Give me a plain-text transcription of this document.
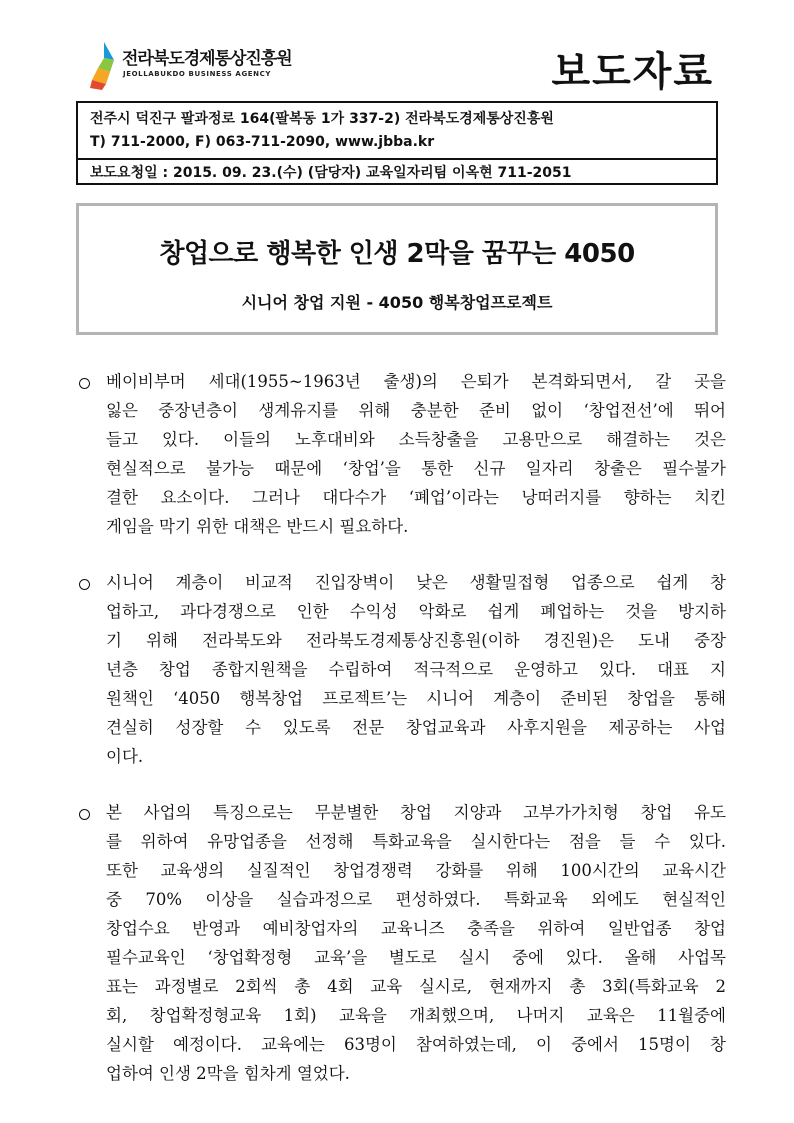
전라북도경제통상진흥원
JEOLLABUKDO BUSINESS AGENCY	보도자료
전주시 덕진구 팔과정로 164(팔복동 1가 337-2) 전라북도경제통상진흥원
T) 711-2000, F) 063-711-2090, www.jbba.kr
보도요청일 : 2015. 09. 23.(수) (담당자) 교육일자리팀 이옥현 711-2051
창업으로 행복한 인생 2막을 꿈꾸는 4050
시니어 창업 지원 - 4050 행복창업프로젝트
베이비부머 세대(1955~1963년 출생)의 은퇴가 본격화되면서, 갈 곳을
잃은 중장년층이 생계유지를 위해 충분한 준비 없이 ‘창업전선’에 뛰어
들고 있다. 이들의 노후대비와 소득창출을 고용만으로 해결하는 것은
현실적으로 불가능 때문에 ‘창업’을 통한 신규 일자리 창출은 필수불가
결한 요소이다. 그러나 대다수가 ‘폐업’이라는 낭떠러지를 향하는 치킨
게임을 막기 위한 대책은 반드시 필요하다.
시니어 계층이 비교적 진입장벽이 낮은 생활밀접형 업종으로 쉽게 창
업하고, 과다경쟁으로 인한 수익성 악화로 쉽게 폐업하는 것을 방지하
기 위해 전라북도와 전라북도경제통상진흥원(이하 경진원)은 도내 중장
년층 창업 종합지원책을 수립하여 적극적으로 운영하고 있다. 대표 지
원책인 ‘4050 행복창업 프로젝트’는 시니어 계층이 준비된 창업을 통해
견실히 성장할 수 있도록 전문 창업교육과 사후지원을 제공하는 사업
이다.
본 사업의 특징으로는 무분별한 창업 지양과 고부가가치형 창업 유도
를 위하여 유망업종을 선정해 특화교육을 실시한다는 점을 들 수 있다.
또한 교육생의 실질적인 창업경쟁력 강화를 위해 100시간의 교육시간
중 70% 이상을 실습과정으로 편성하였다. 특화교육 외에도 현실적인
창업수요 반영과 예비창업자의 교육니즈 충족을 위하여 일반업종 창업
필수교육인 ‘창업확정형 교육’을 별도로 실시 중에 있다. 올해 사업목
표는 과정별로 2회씩 총 4회 교육 실시로, 현재까지 총 3회(특화교육 2
회, 창업확정형교육 1회) 교육을 개최했으며, 나머지 교육은 11월중에
실시할 예정이다. 교육에는 63명이 참여하였는데, 이 중에서 15명이 창
업하여 인생 2막을 힘차게 열었다.
